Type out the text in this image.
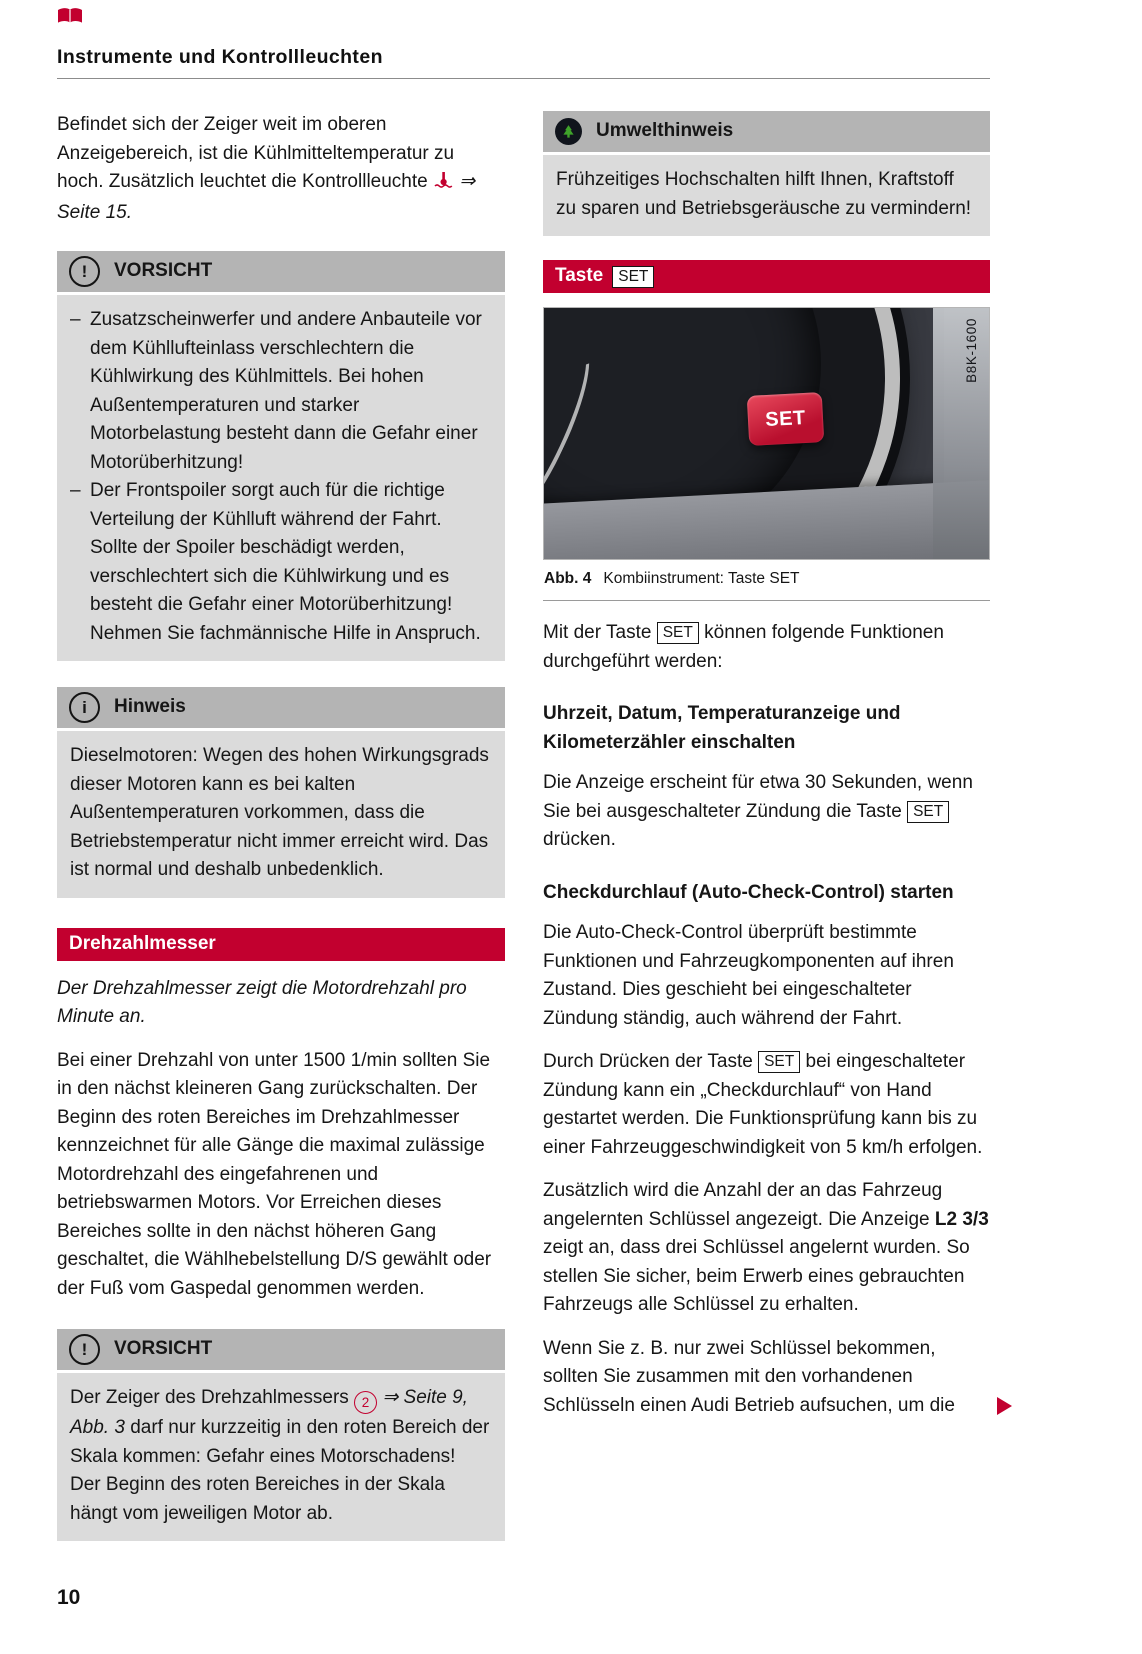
Instrumente und Kontrollleuchten

Befindet sich der Zeiger weit im oberen Anzeigebereich, ist die Kühlmitteltemperatur zu hoch. Zusätzlich leuchtet die Kontrollleuchte ⇒ Seite 15.

!	VORSICHT
– Zusatzscheinwerfer und andere Anbauteile vor dem Kühllufteinlass verschlechtern die Kühlwirkung des Kühlmittels. Bei hohen Außentemperaturen und starker Motorbelastung besteht dann die Gefahr einer Motorüberhitzung!
– Der Frontspoiler sorgt auch für die richtige Verteilung der Kühlluft während der Fahrt. Sollte der Spoiler beschädigt werden, verschlechtert sich die Kühlwirkung und es besteht die Gefahr einer Motorüberhitzung! Nehmen Sie fachmännische Hilfe in Anspruch.
i	Hinweis
Dieselmotoren: Wegen des hohen Wirkungsgrads dieser Motoren kann es bei kalten Außentemperaturen vorkommen, dass die Betriebstemperatur nicht immer erreicht wird. Das ist normal und deshalb unbedenklich.
Drehzahlmesser

Der Drehzahlmesser zeigt die Motordrehzahl pro Minute an.

Bei einer Drehzahl von unter 1500 1/min sollten Sie in den nächst kleineren Gang zurückschalten. Der Beginn des roten Bereiches im Drehzahlmesser kennzeichnet für alle Gänge die maximal zulässige Motordrehzahl des eingefahrenen und betriebswarmen Motors. Vor Erreichen dieses Bereiches sollte in den nächst höheren Gang geschaltet, die Wählhebelstellung D/S gewählt oder der Fuß vom Gaspedal genommen werden.

!	VORSICHT
Der Zeiger des Drehzahlmessers 2 ⇒ Seite 9, Abb. 3 darf nur kurzzeitig in den roten Bereich der Skala kommen: Gefahr eines Motorschadens! Der Beginn des roten Bereiches in der Skala hängt vom jeweiligen Motor ab.
Umwelthinweis
Frühzeitiges Hochschalten hilft Ihnen, Kraftstoff zu sparen und Betriebsgeräusche zu vermindern!
Taste SET
SET
B8K-1600
Abb. 4 Kombiinstrument: Taste SET

Mit der Taste SET können folgende Funktionen durchgeführt werden:

Uhrzeit, Datum, Temperaturanzeige und Kilometerzähler einschalten

Die Anzeige erscheint für etwa 30 Sekunden, wenn Sie bei ausgeschalteter Zündung die Taste SET drücken.

Checkdurchlauf (Auto-Check-Control) starten

Die Auto-Check-Control überprüft bestimmte Funktionen und Fahrzeugkomponenten auf ihren Zustand. Dies geschieht bei eingeschalteter Zündung ständig, auch während der Fahrt.

Durch Drücken der Taste SET bei eingeschalteter Zündung kann ein „Checkdurchlauf“ von Hand gestartet werden. Die Funktionsprüfung kann bis zu einer Fahrzeuggeschwindigkeit von 5 km/h erfolgen.

Zusätzlich wird die Anzahl der an das Fahrzeug angelernten Schlüssel angezeigt. Die Anzeige L2 3/3 zeigt an, dass drei Schlüssel angelernt wurden. So stellen Sie sicher, beim Erwerb eines gebrauchten Fahrzeugs alle Schlüssel zu erhalten.

Wenn Sie z. B. nur zwei Schlüssel bekommen, sollten Sie zusammen mit den vorhandenen Schlüsseln einen Audi Betrieb aufsuchen, um die

10
